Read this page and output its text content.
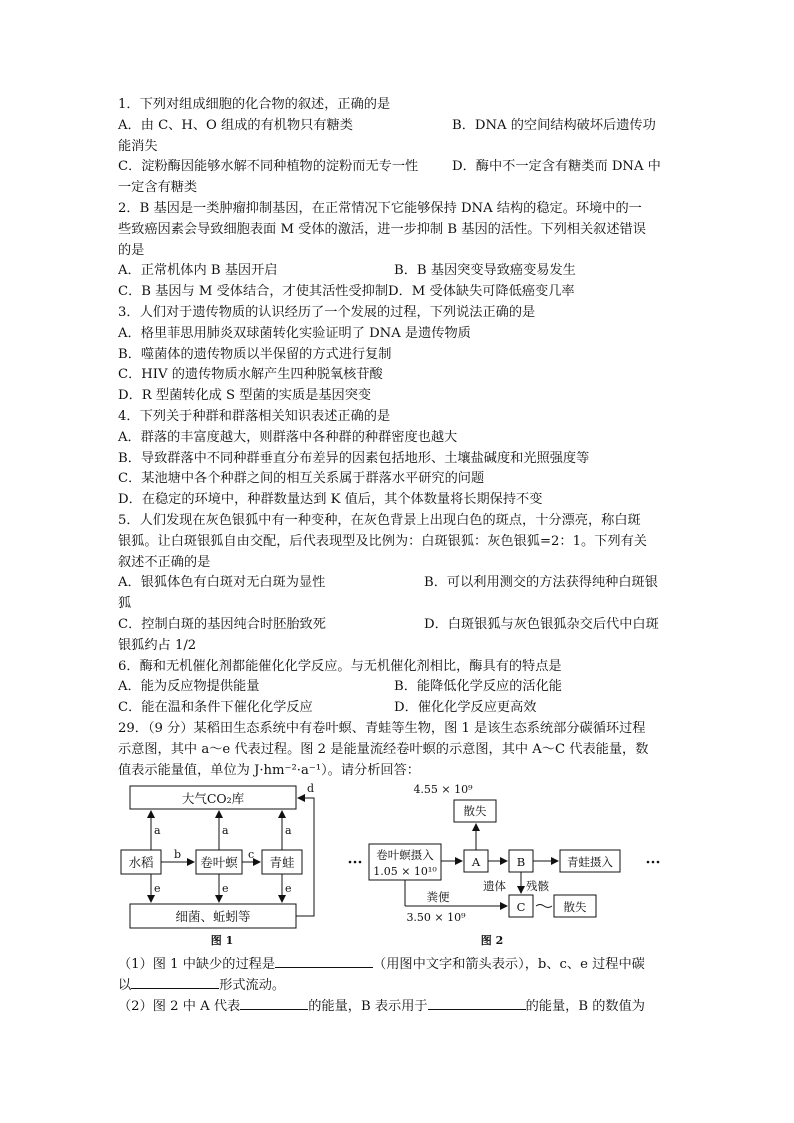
1．下列对组成细胞的化合物的叙述，正确的是
A．由 C、H、O 组成的有机物只有糖类	B．DNA 的空间结构破坏后遗传功
能消失
C．淀粉酶因能够水解不同种植物的淀粉而无专一性	D．酶中不一定含有糖类而 DNA 中
一定含有糖类
2．B 基因是一类肿瘤抑制基因，在正常情况下它能够保持 DNA 结构的稳定。环境中的一
些致癌因素会导致细胞表面 M 受体的激活，进一步抑制 B 基因的活性。下列相关叙述错误
的是
A．正常机体内 B 基因开启	B．B 基因突变导致癌变易发生
C．B 基因与 M 受体结合，才使其活性受抑制D．M 受体缺失可降低癌变几率
3．人们对于遗传物质的认识经历了一个发展的过程，下列说法正确的是
A．格里菲思用肺炎双球菌转化实验证明了 DNA 是遗传物质
B．噬菌体的遗传物质以半保留的方式进行复制
C．HIV 的遗传物质水解产生四种脱氧核苷酸
D．R 型菌转化成 S 型菌的实质是基因突变
4．下列关于种群和群落相关知识表述正确的是
A．群落的丰富度越大，则群落中各种群的种群密度也越大
B．导致群落中不同种群垂直分布差异的因素包括地形、土壤盐碱度和光照强度等
C．某池塘中各个种群之间的相互关系属于群落水平研究的问题
D．在稳定的环境中，种群数量达到 K 值后，其个体数量将长期保持不变
5．人们发现在灰色银狐中有一种变种，在灰色背景上出现白色的斑点，十分漂亮，称白斑
银狐。让白斑银狐自由交配，后代表现型及比例为：白斑银狐：灰色银狐=2：1。下列有关
叙述不正确的是
A．银狐体色有白斑对无白斑为显性	B．可以利用测交的方法获得纯种白斑银
狐
C．控制白斑的基因纯合时胚胎致死	D．白斑银狐与灰色银狐杂交后代中白斑
银狐约占 1/2
6．酶和无机催化剂都能催化化学反应。与无机催化剂相比，酶具有的特点是
A．能为反应物提供能量	B．能降低化学反应的活化能
C．能在温和条件下催化化学反应	D．催化化学反应更高效
29．（9 分）某稻田生态系统中有卷叶螟、青蛙等生物，图 1 是该生态系统部分碳循环过程
示意图，其中 a～e 代表过程。图 2 是能量流经卷叶螟的示意图，其中 A～C 代表能量，数
值表示能量值，单位为 J·hm⁻²·a⁻¹）。请分析回答：
大气CO₂库
水稻	卷叶螟	青蛙
细菌、蚯蚓等
a	a	a
b	c
d
e	e	e
图 1
4.55 × 10⁹
散失
卷叶螟摄入
1.05 × 10¹⁰
A	B	青蛙摄入
遗体 残骸
C	散失
粪便
3.50 × 10⁹
图 2
（1）图 1 中缺少的过程是	（用图中文字和箭头表示），b、c、e 过程中碳
以	形式流动。
（2）图 2 中 A 代表	的能量，B 表示用于	的能量，B 的数值为
